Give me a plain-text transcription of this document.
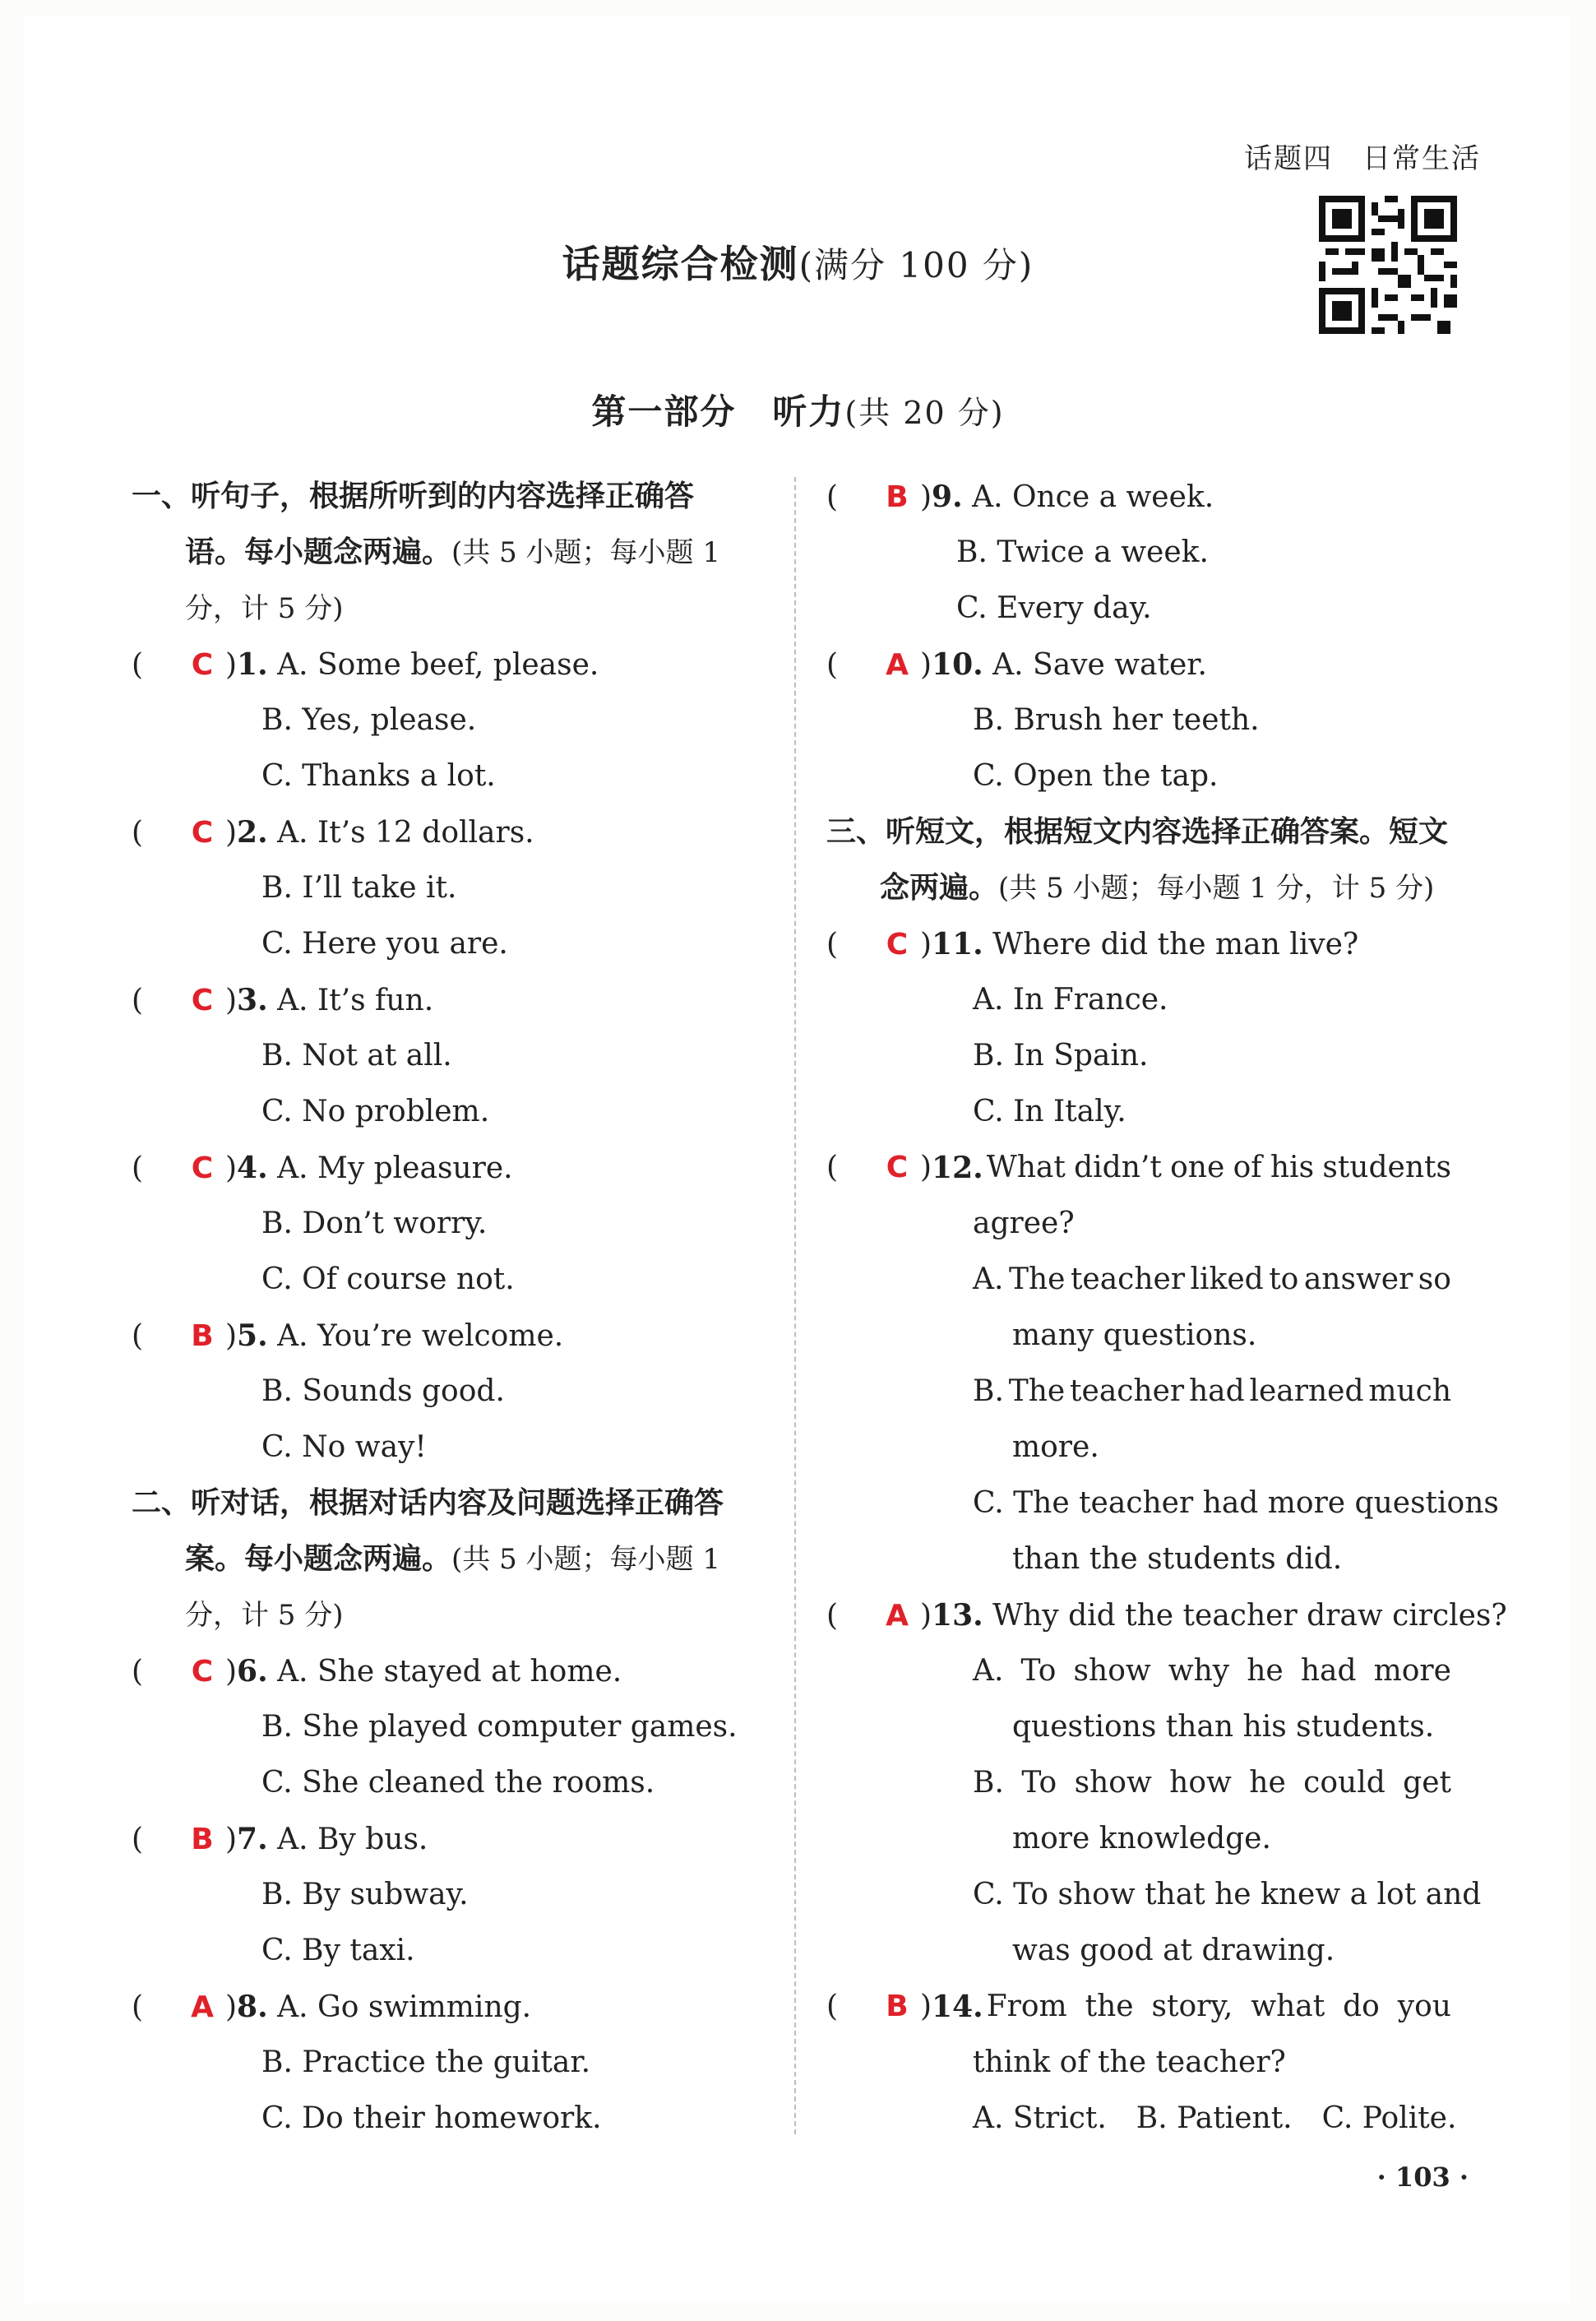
话题四　日常生活
话题综合检测(满分 100 分)
第一部分　听力(共 20 分)
一、听句子，根据所听到的内容选择正确答
语。每小题念两遍。(共 5 小题；每小题 1
分，计 5 分)
( C )1. A. Some beef, please.
B. Yes, please.
C. Thanks a lot.
( C )2. A. It’s 12 dollars.
B. I’ll take it.
C. Here you are.
( C )3. A. It’s fun.
B. Not at all.
C. No problem.
( C )4. A. My pleasure.
B. Don’t worry.
C. Of course not.
( B )5. A. You’re welcome.
B. Sounds good.
C. No way!
二、听对话，根据对话内容及问题选择正确答
案。每小题念两遍。(共 5 小题；每小题 1
分，计 5 分)
( C )6. A. She stayed at home.
B. She played computer games.
C. She cleaned the rooms.
( B )7. A. By bus.
B. By subway.
C. By taxi.
( A )8. A. Go swimming.
B. Practice the guitar.
C. Do their homework.
( B )9. A. Once a week.
B. Twice a week.
C. Every day.
( A )10. A. Save water.
B. Brush her teeth.
C. Open the tap.
三、听短文，根据短文内容选择正确答案。短文
念两遍。(共 5 小题；每小题 1 分，计 5 分)
( C )11. Where did the man live?
A. In France.
B. In Spain.
C. In Italy.
(	C ) 12. What didn’t one of his students
agree?
A. The teacher liked to answer so
many questions.
B. The teacher had learned much
more.
C. The teacher had more questions
than the students did.
( A )13. Why did the teacher draw circles?
A. To show why he had more
questions than his students.
B. To show how he could get
more knowledge.
C. To show that he knew a lot and
was good at drawing.
(	B ) 14. From the story, what do you
think of the teacher?
A. Strict.　B. Patient.　C. Polite.
· 103 ·
